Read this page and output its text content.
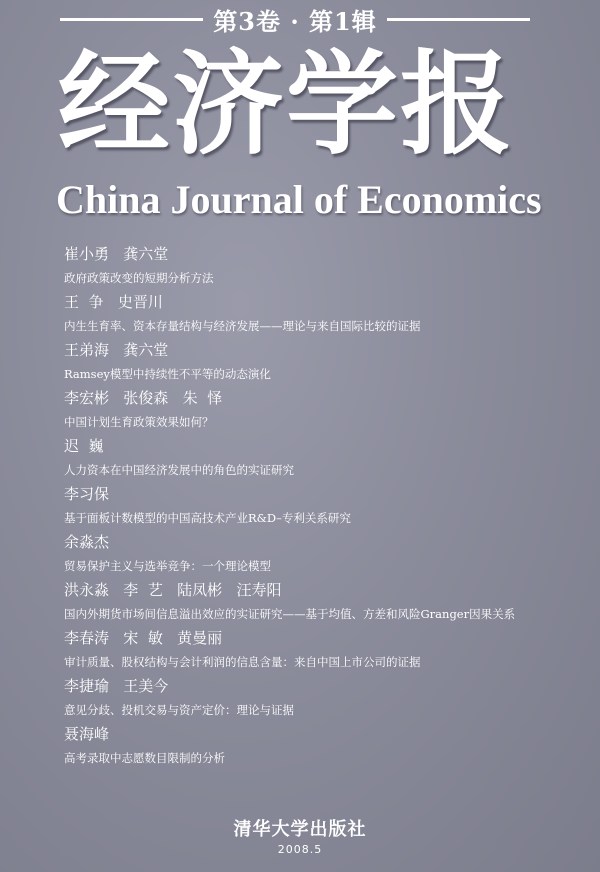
第3卷 · 第1辑
经济学报
China Journal of Economics
崔小勇   龚六堂
政府政策改变的短期分析方法
王  争   史晋川
内生生育率、资本存量结构与经济发展——理论与来自国际比较的证据
王弟海   龚六堂
Ramsey模型中持续性不平等的动态演化
李宏彬   张俊森   朱  怿
中国计划生育政策效果如何？
迟  巍
人力资本在中国经济发展中的角色的实证研究
李习保
基于面板计数模型的中国高技术产业R&D–专利关系研究
余淼杰
贸易保护主义与选举竞争：一个理论模型
洪永淼   李  艺   陆凤彬   汪寿阳
国内外期货市场间信息溢出效应的实证研究——基于均值、方差和风险Granger因果关系
李春涛   宋  敏   黄曼丽
审计质量、股权结构与会计利润的信息含量：来自中国上市公司的证据
李捷瑜   王美今
意见分歧、投机交易与资产定价：理论与证据
聂海峰
高考录取中志愿数目限制的分析
清华大学出版社
2008.5
